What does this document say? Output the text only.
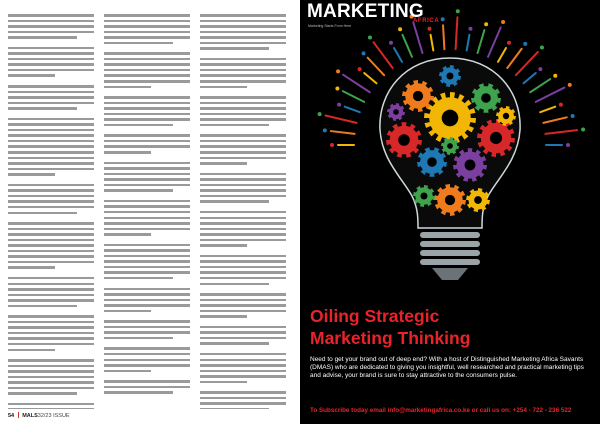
54 MALS32/23 ISSUE
MARKETING
AFRICA
Marketing Starts From Here
Oiling Strategic
Marketing Thinking
Need to get your brand out of deep end? With a host of Distinguished Marketing Africa Savants (DMAS) who are dedicated to giving you insightful, well researched and practical marketing tips and advise, your brand is sure to stay attractive to the consumers pulse.
To Subscribe today email info@marketingafrica.co.ke or call us on: +254 - 722 - 236 522
